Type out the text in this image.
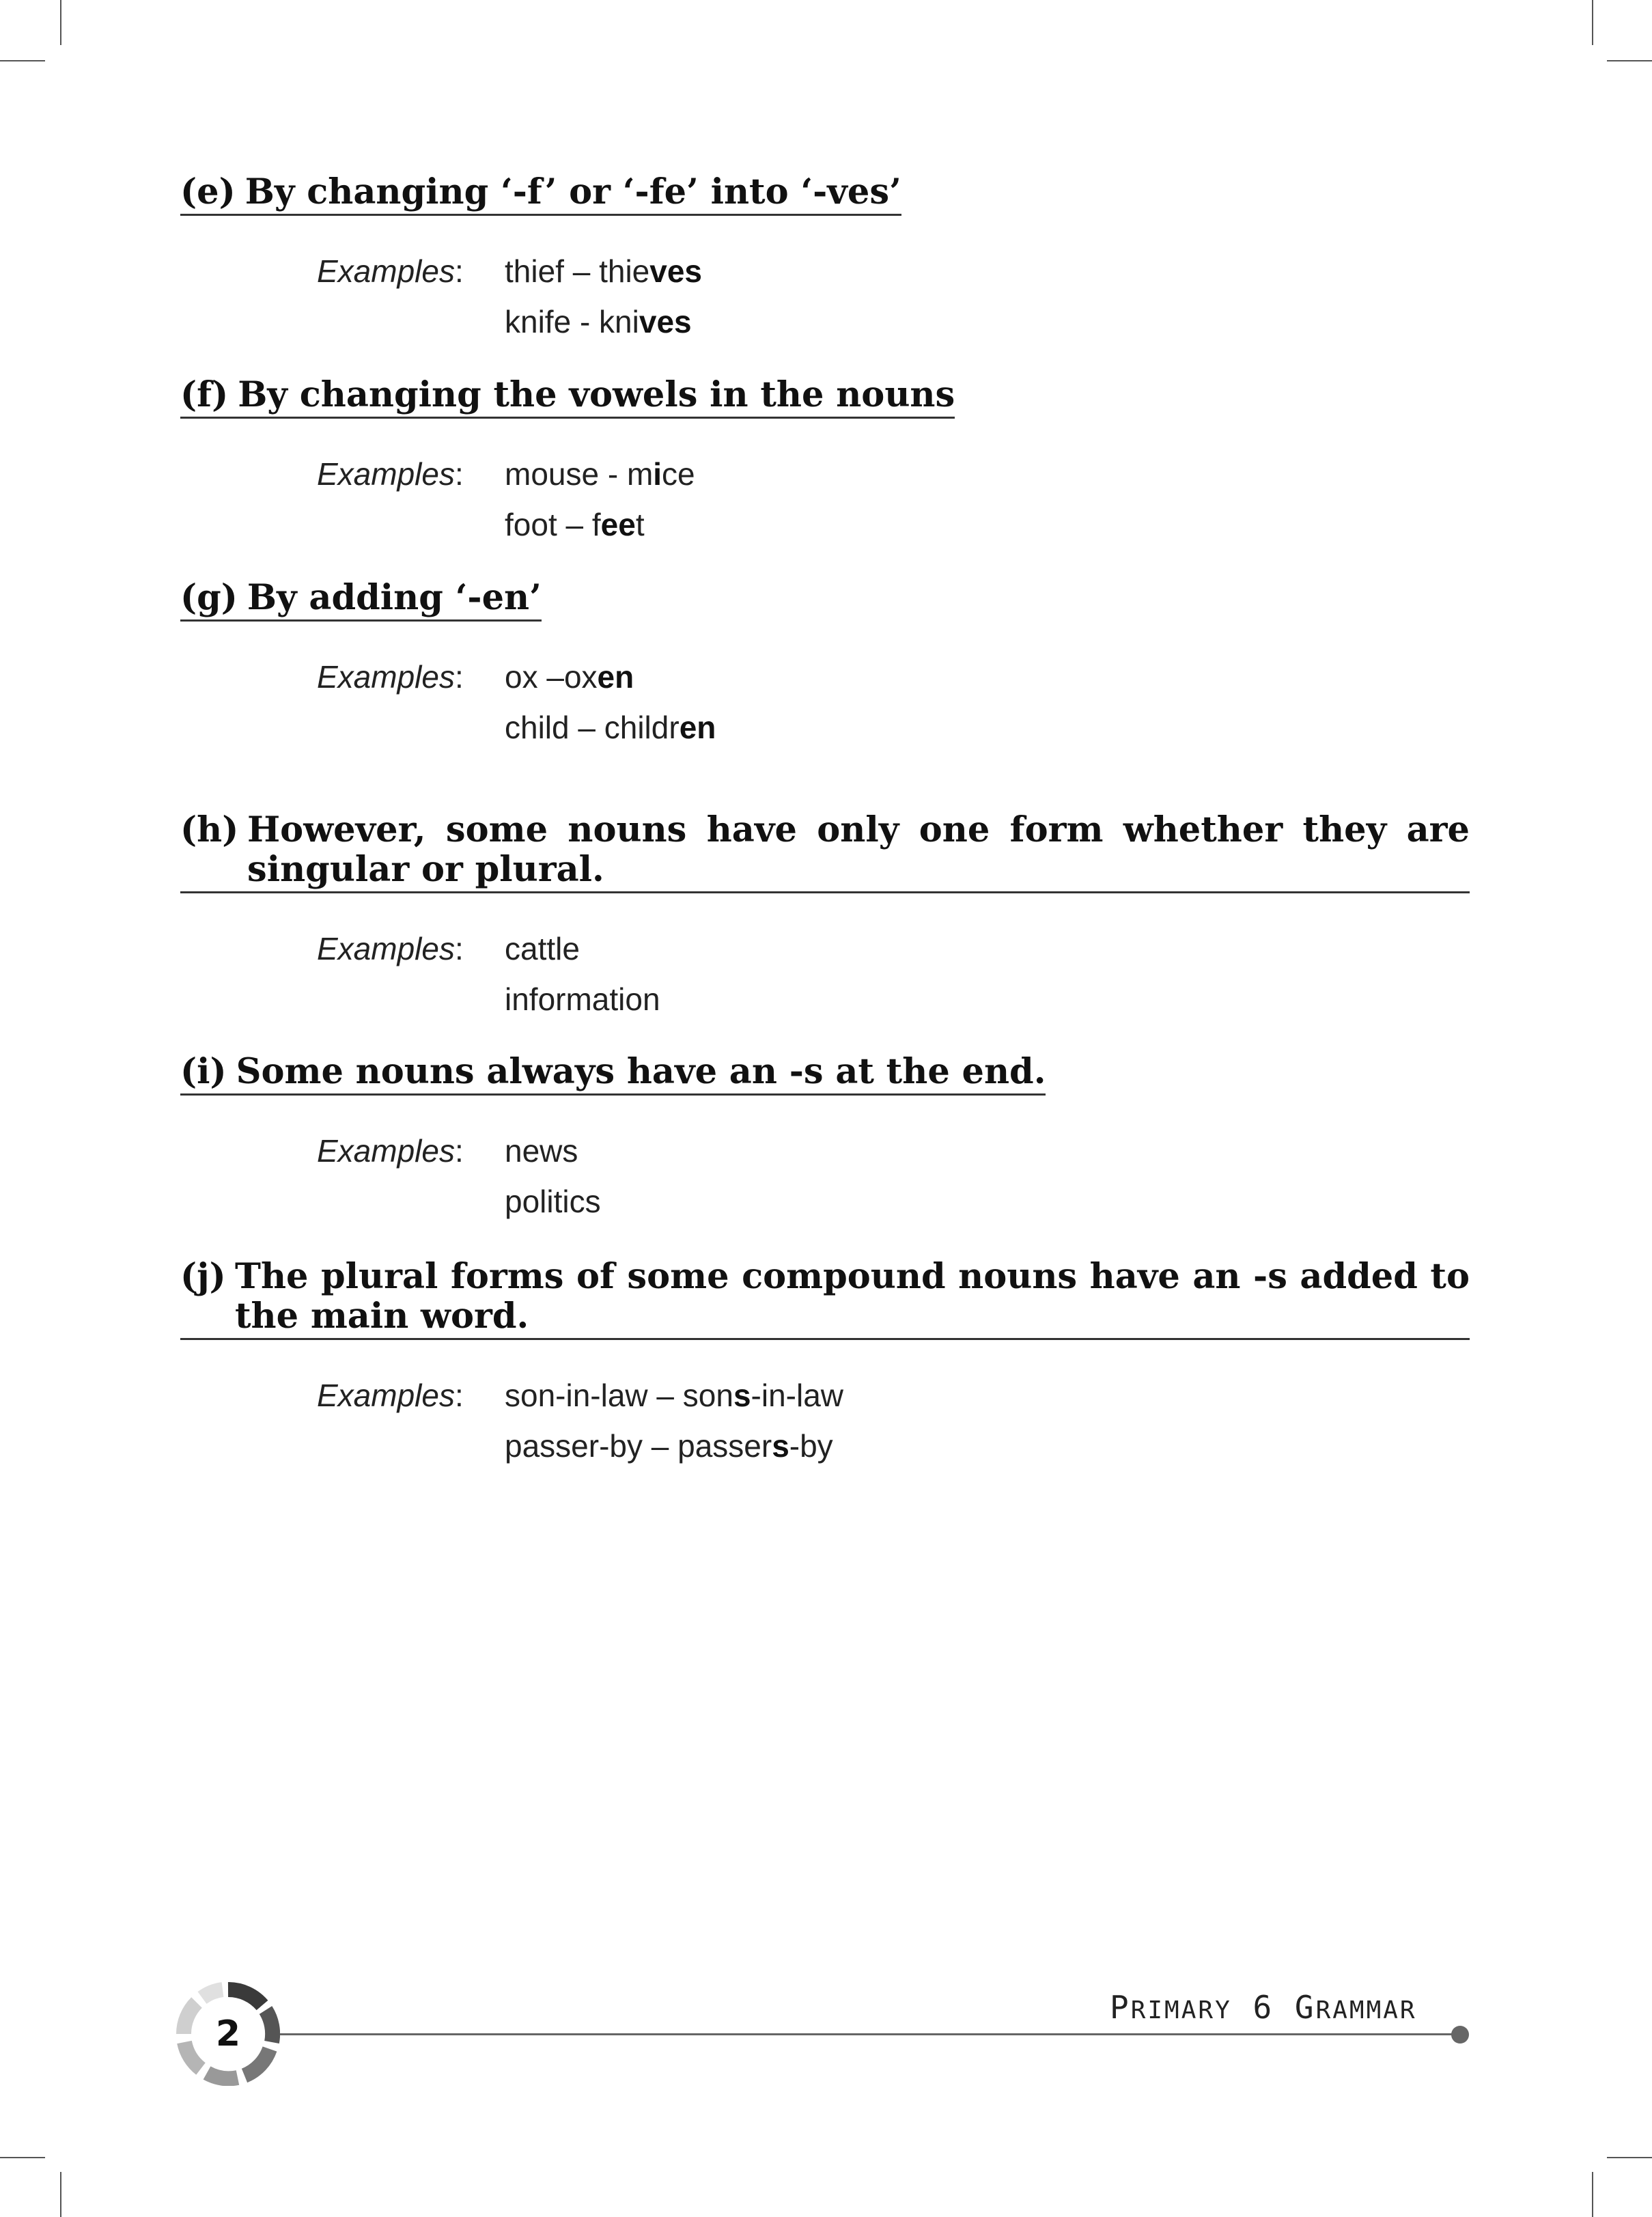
(e) By changing ‘-f’ or ‘-fe’ into ‘-ves’
Examples: thief – thieves
knife - knives
(f) By changing the vowels in the nouns
Examples: mouse - mice
foot – feet
(g) By adding ‘-en’
Examples: ox –oxen
child – children
(h) However, some nouns have only one form whether they are
singular or plural.
Examples: cattle
information
(i) Some nouns always have an -s at the end.
Examples: news
politics
(j) The plural forms of some compound nouns have an -s added to
the main word.
Examples: son-in-law – sons-in-law
passer-by – passers-by
PRIMARY 6 GRAMMAR
2
